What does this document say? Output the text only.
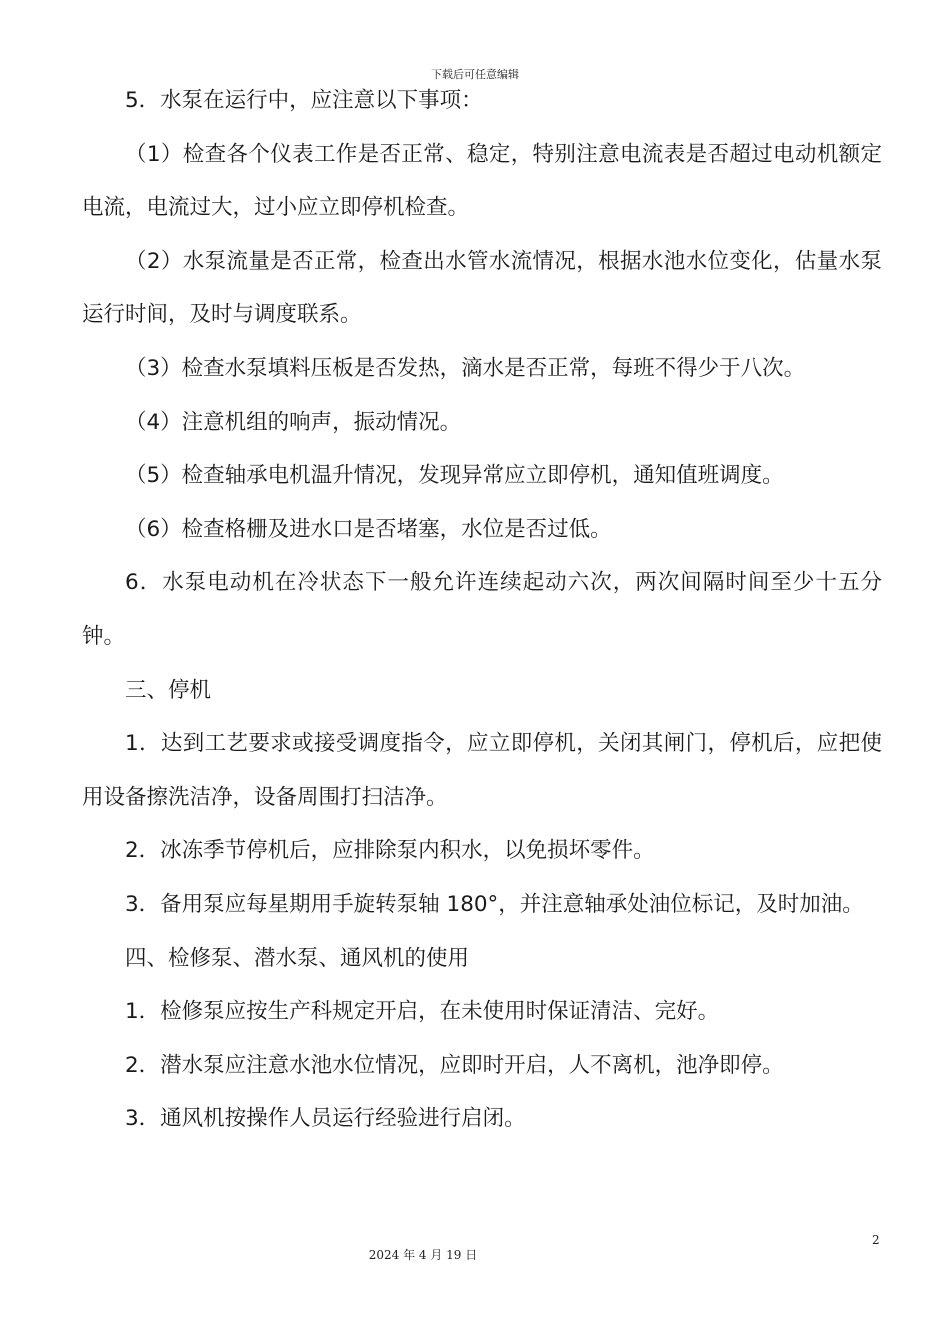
下载后可任意编辑

5．水泵在运行中，应注意以下事项：

（1）检查各个仪表工作是否正常、稳定，特别注意电流表是否超过电动机额定电流，电流过大，过小应立即停机检查。

（2）水泵流量是否正常，检查出水管水流情况，根据水池水位变化，估量水泵运行时间，及时与调度联系。

（3）检查水泵填料压板是否发热，滴水是否正常，每班不得少于八次。

（4）注意机组的响声，振动情况。

（5）检查轴承电机温升情况，发现异常应立即停机，通知值班调度。

（6）检查格栅及进水口是否堵塞，水位是否过低。

6．水泵电动机在冷状态下一般允许连续起动六次，两次间隔时间至少十五分钟。

三、停机

1．达到工艺要求或接受调度指令，应立即停机，关闭其闸门，停机后，应把使用设备擦洗洁净，设备周围打扫洁净。

2．冰冻季节停机后，应排除泵内积水，以免损坏零件。

3．备用泵应每星期用手旋转泵轴 180°，并注意轴承处油位标记，及时加油。

四、检修泵、潜水泵、通风机的使用

1．检修泵应按生产科规定开启，在未使用时保证清洁、完好。

2．潜水泵应注意水池水位情况，应即时开启，人不离机，池净即停。

3．通风机按操作人员运行经验进行启闭。

2
2024 年 4 月 19 日
